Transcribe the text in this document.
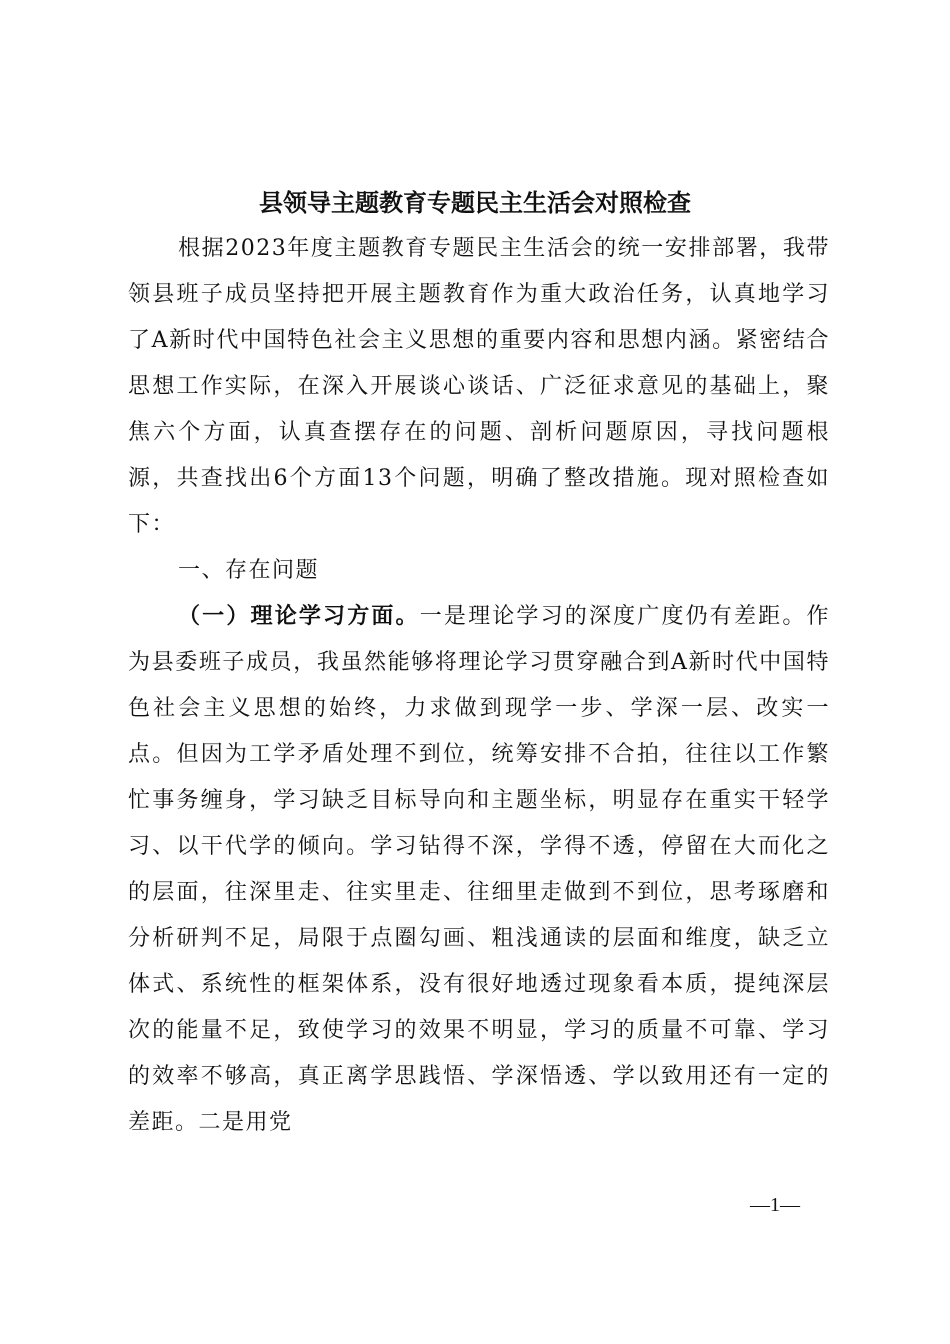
县领导主题教育专题民主生活会对照检查

根据2023年度主题教育专题民主生活会的统一安排部署，我带领县班子成员坚持把开展主题教育作为重大政治任务，认真地学习了A新时代中国特色社会主义思想的重要内容和思想内涵。紧密结合思想工作实际，在深入开展谈心谈话、广泛征求意见的基础上，聚焦六个方面，认真查摆存在的问题、剖析问题原因，寻找问题根源，共查找出6个方面13个问题，明确了整改措施。现对照检查如下：

一、存在问题

（一）理论学习方面。一是理论学习的深度广度仍有差距。作为县委班子成员，我虽然能够将理论学习贯穿融合到A新时代中国特色社会主义思想的始终，力求做到现学一步、学深一层、改实一点。但因为工学矛盾处理不到位，统筹安排不合拍，往往以工作繁忙事务缠身，学习缺乏目标导向和主题坐标，明显存在重实干轻学习、以干代学的倾向。学习钻得不深，学得不透，停留在大而化之的层面，往深里走、往实里走、往细里走做到不到位，思考琢磨和分析研判不足，局限于点圈勾画、粗浅通读的层面和维度，缺乏立体式、系统性的框架体系，没有很好地透过现象看本质，提纯深层次的能量不足，致使学习的效果不明显，学习的质量不可靠、学习的效率不够高，真正离学思践悟、学深悟透、学以致用还有一定的差距。二是用党

—1—
